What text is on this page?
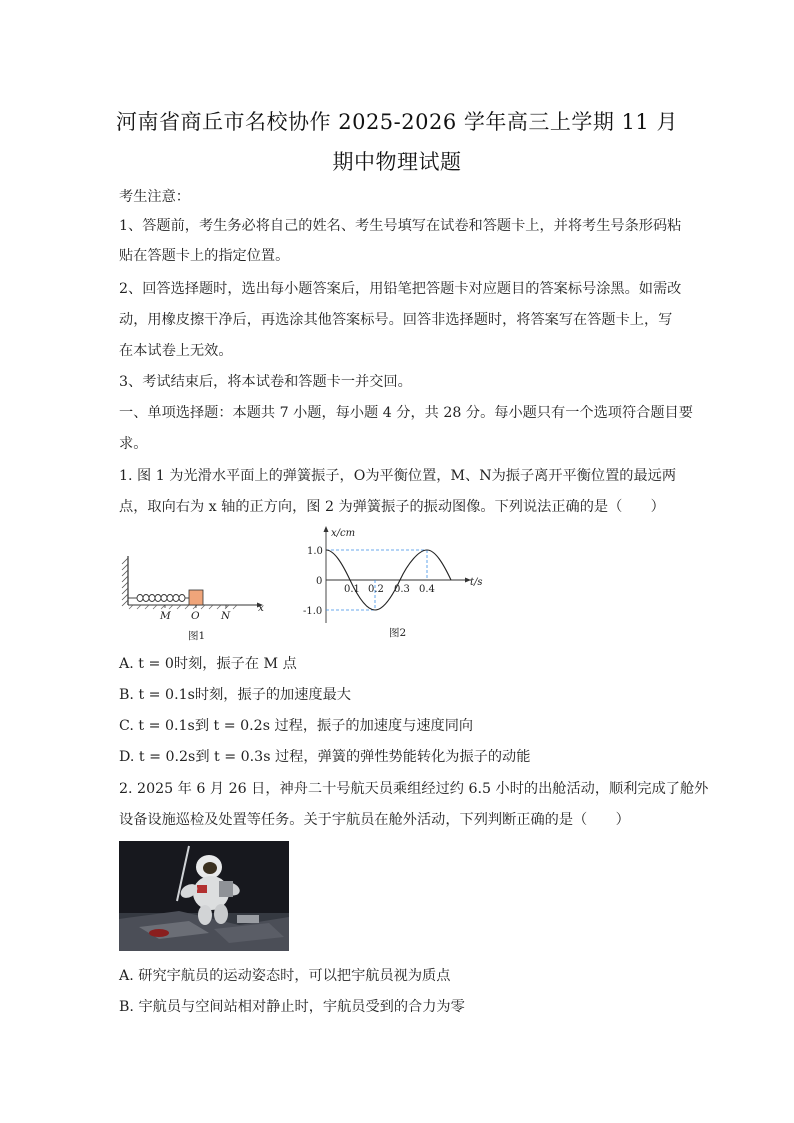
河南省商丘市名校协作 2025-2026 学年高三上学期 11 月
期中物理试题
考生注意：
1、答题前，考生务必将自己的姓名、考生号填写在试卷和答题卡上，并将考生号条形码粘
贴在答题卡上的指定位置。
2、回答选择题时，选出每小题答案后，用铅笔把答题卡对应题目的答案标号涂黑。如需改
动，用橡皮擦干净后，再选涂其他答案标号。回答非选择题时，将答案写在答题卡上，写
在本试卷上无效。
3、考试结束后，将本试卷和答题卡一并交回。
一、单项选择题：本题共 7 小题，每小题 4 分，共 28 分。每小题只有一个选项符合题目要
求。
1. 图 1 为光滑水平面上的弹簧振子，O为平衡位置，M、N为振子离开平衡位置的最远两
点，取向右为 x 轴的正方向，图 2 为弹簧振子的振动图像。下列说法正确的是（　　）
M O N
x
图1
x/cm
t/s
0
1.0
-1.0
0.1 0.2 0.3 0.4
图2
A. t = 0时刻，振子在 M 点
B. t = 0.1s时刻，振子的加速度最大
C. t = 0.1s到 t = 0.2s 过程，振子的加速度与速度同向
D. t = 0.2s到 t = 0.3s 过程，弹簧的弹性势能转化为振子的动能
2. 2025 年 6 月 26 日，神舟二十号航天员乘组经过约 6.5 小时的出舱活动，顺利完成了舱外
设备设施巡检及处置等任务。关于宇航员在舱外活动，下列判断正确的是（　　）
A. 研究宇航员的运动姿态时，可以把宇航员视为质点
B. 宇航员与空间站相对静止时，宇航员受到的合力为零
